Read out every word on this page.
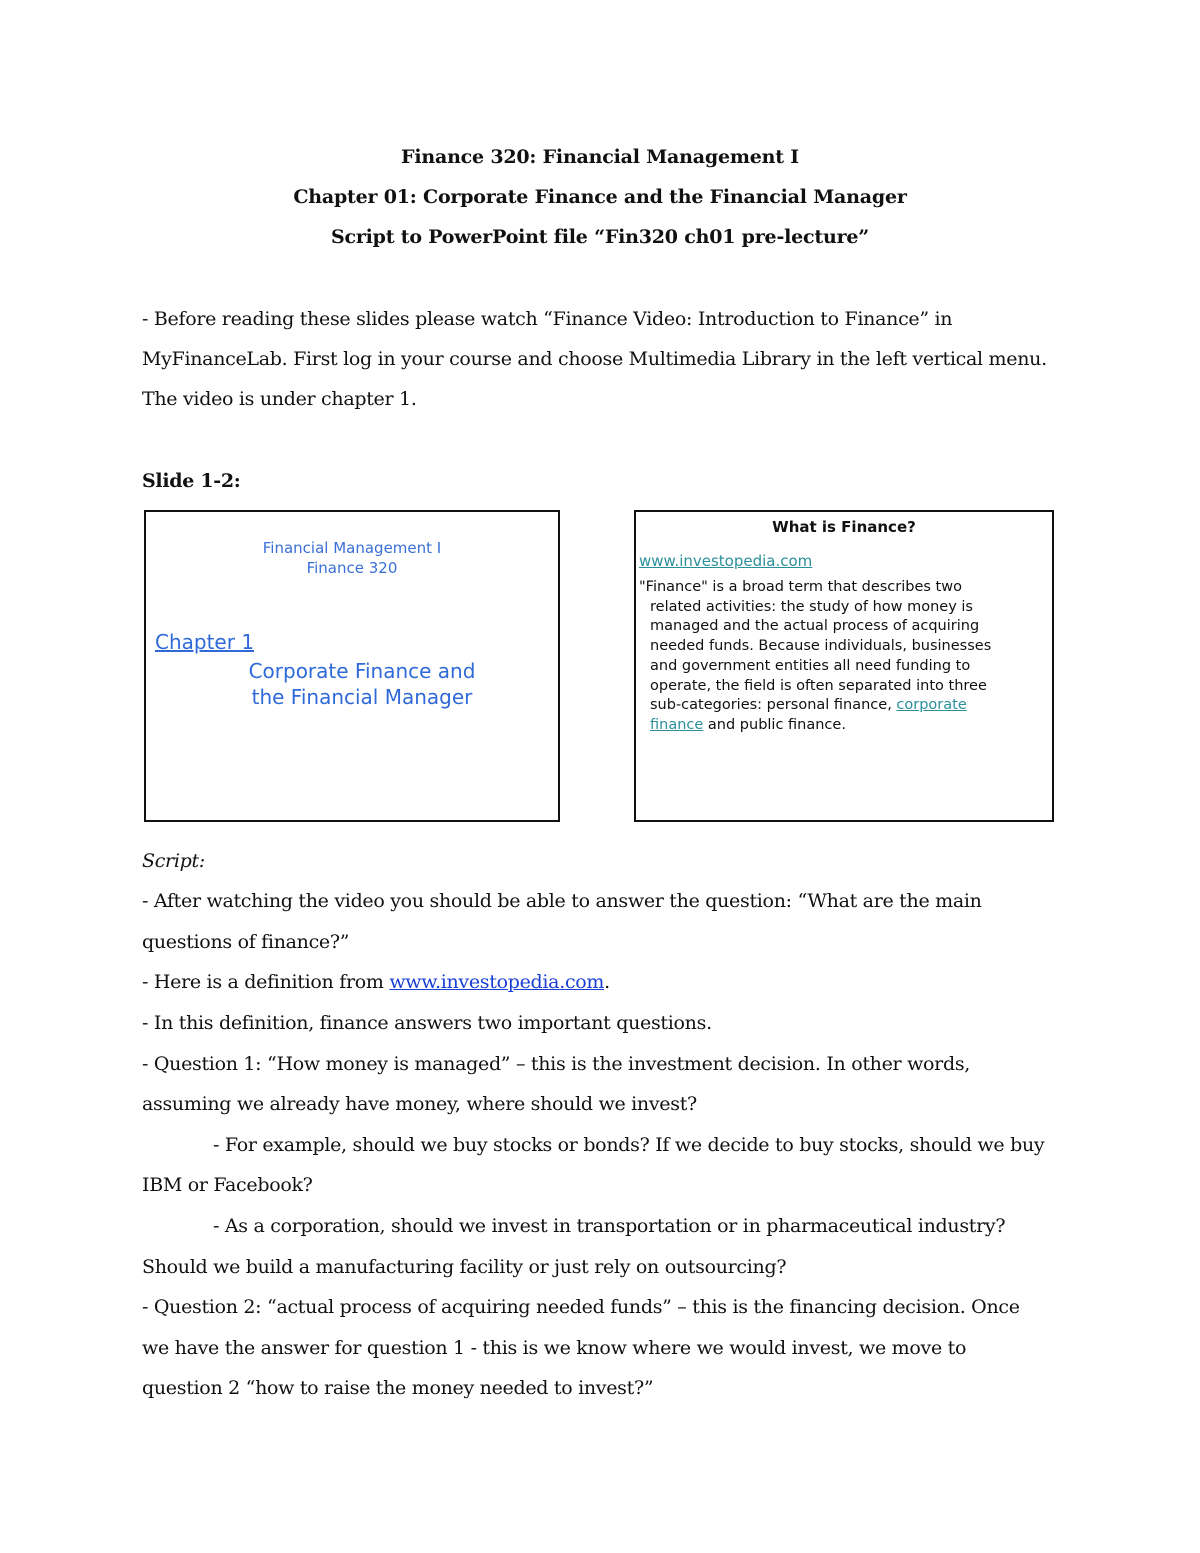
Finance 320: Financial Management I
Chapter 01: Corporate Finance and the Financial Manager
Script to PowerPoint file “Fin320 ch01 pre-lecture”
- Before reading these slides please watch “Finance Video: Introduction to Finance” in
MyFinanceLab. First log in your course and choose Multimedia Library in the left vertical menu.
The video is under chapter 1.
Slide 1-2:
Financial Management I
Finance 320
Chapter 1
Corporate Finance and
the Financial Manager
What is Finance?
www.investopedia.com
"Finance" is a broad term that describes two
related activities: the study of how money is
managed and the actual process of acquiring
needed funds. Because individuals, businesses
and government entities all need funding to
operate, the field is often separated into three
sub-categories: personal finance, corporate
finance and public finance.
Script:
- After watching the video you should be able to answer the question: “What are the main
questions of finance?”
- Here is a definition from www.investopedia.com.
- In this definition, finance answers two important questions.
- Question 1: “How money is managed” – this is the investment decision. In other words,
assuming we already have money, where should we invest?
- For example, should we buy stocks or bonds? If we decide to buy stocks, should we buy
IBM or Facebook?
- As a corporation, should we invest in transportation or in pharmaceutical industry?
Should we build a manufacturing facility or just rely on outsourcing?
- Question 2: “actual process of acquiring needed funds” – this is the financing decision. Once
we have the answer for question 1 - this is we know where we would invest, we move to
question 2 “how to raise the money needed to invest?”
